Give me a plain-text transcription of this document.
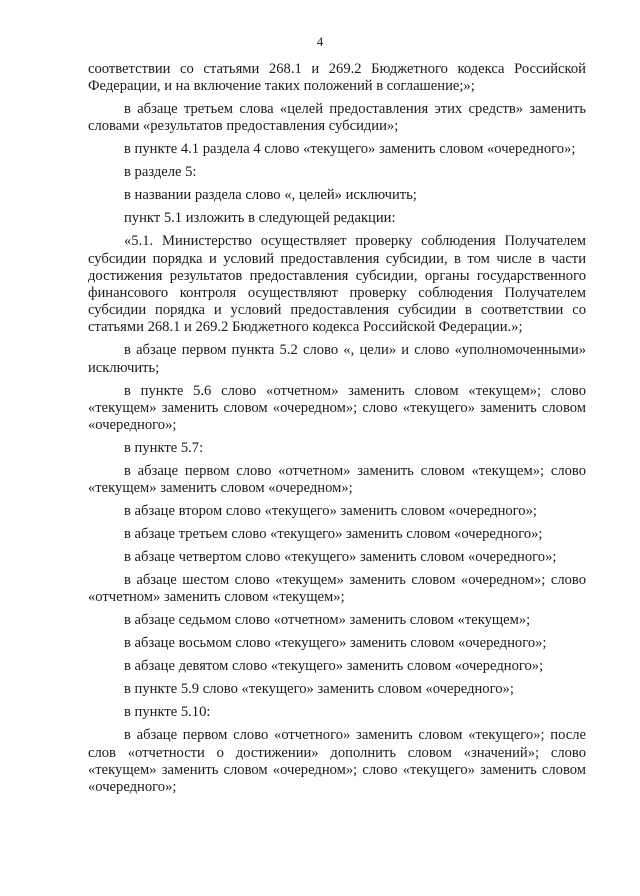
4

соответствии со статьями 268.1 и 269.2 Бюджетного кодекса Российской Федерации, и на включение таких положений в соглашение;»;

в абзаце третьем слова «целей предоставления этих средств» заменить словами «результатов предоставления субсидии»;

в пункте 4.1 раздела 4 слово «текущего» заменить словом «очередного»;

в разделе 5:

в названии раздела слово «, целей» исключить;

пункт 5.1 изложить в следующей редакции:

«5.1. Министерство осуществляет проверку соблюдения Получателем субсидии порядка и условий предоставления субсидии, в том числе в части достижения результатов предоставления субсидии, органы государственного финансового контроля осуществляют проверку соблюдения Получателем субсидии порядка и условий предоставления субсидии в соответствии со статьями 268.1 и 269.2 Бюджетного кодекса Российской Федерации.»;

в абзаце первом пункта 5.2 слово «, цели» и слово «уполномоченными» исключить;

в пункте 5.6 слово «отчетном» заменить словом «текущем»; слово «текущем» заменить словом «очередном»; слово «текущего» заменить словом «очередного»;

в пункте 5.7:

в абзаце первом слово «отчетном» заменить словом «текущем»; слово «текущем» заменить словом «очередном»;

в абзаце втором слово «текущего» заменить словом «очередного»;

в абзаце третьем слово «текущего» заменить словом «очередного»;

в абзаце четвертом слово «текущего» заменить словом «очередного»;

в абзаце шестом слово «текущем» заменить словом «очередном»; слово «отчетном» заменить словом «текущем»;

в абзаце седьмом слово «отчетном» заменить словом «текущем»;

в абзаце восьмом слово «текущего» заменить словом «очередного»;

в абзаце девятом слово «текущего» заменить словом «очередного»;

в пункте 5.9 слово «текущего» заменить словом «очередного»;

в пункте 5.10:

в абзаце первом слово «отчетного» заменить словом «текущего»; после слов «отчетности о достижении» дополнить словом «значений»; слово «текущем» заменить словом «очередном»; слово «текущего» заменить словом «очередного»;
